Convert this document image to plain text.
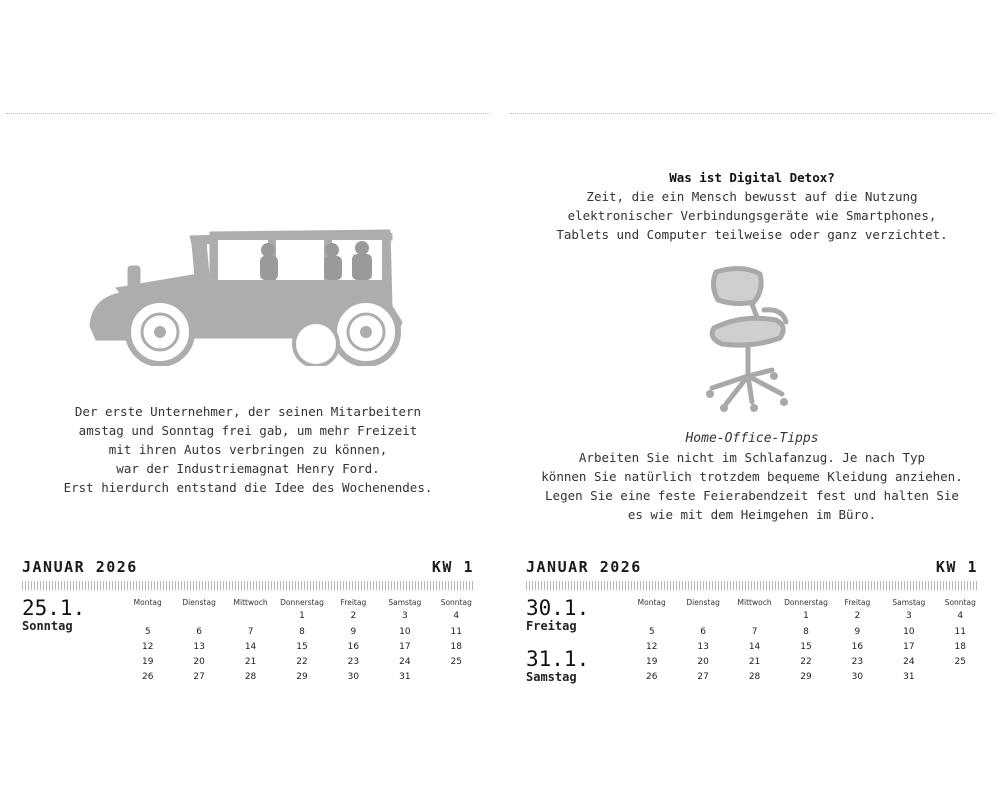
Der erste Unternehmer, der seinen Mitarbeitern
amstag und Sonntag frei gab, um mehr Freizeit
mit ihren Autos verbringen zu können,
war der Industriemagnat Henry Ford.
Erst hierdurch entstand die Idee des Wochenendes.
JANUAR 2026	KW 1
25.1.
Sonntag
Montag	Dienstag	Mittwoch	Donnerstag	Freitag	Samstag	Sonntag
			1	2	3	4
5	6	7	8	9	10	11
12	13	14	15	16	17	18
19	20	21	22	23	24	25
26	27	28	29	30	31	
Was ist Digital Detox?
Zeit, die ein Mensch bewusst auf die Nutzung
elektronischer Verbindungsgeräte wie Smartphones,
Tablets und Computer teilweise oder ganz verzichtet.
Home-Office-Tipps
Arbeiten Sie nicht im Schlafanzug. Je nach Typ
können Sie natürlich trotzdem bequeme Kleidung anziehen.
Legen Sie eine feste Feierabendzeit fest und halten Sie
es wie mit dem Heimgehen im Büro.
JANUAR 2026	KW 1
30.1.
Freitag
31.1.
Samstag
Montag	Dienstag	Mittwoch	Donnerstag	Freitag	Samstag	Sonntag
			1	2	3	4
5	6	7	8	9	10	11
12	13	14	15	16	17	18
19	20	21	22	23	24	25
26	27	28	29	30	31	
